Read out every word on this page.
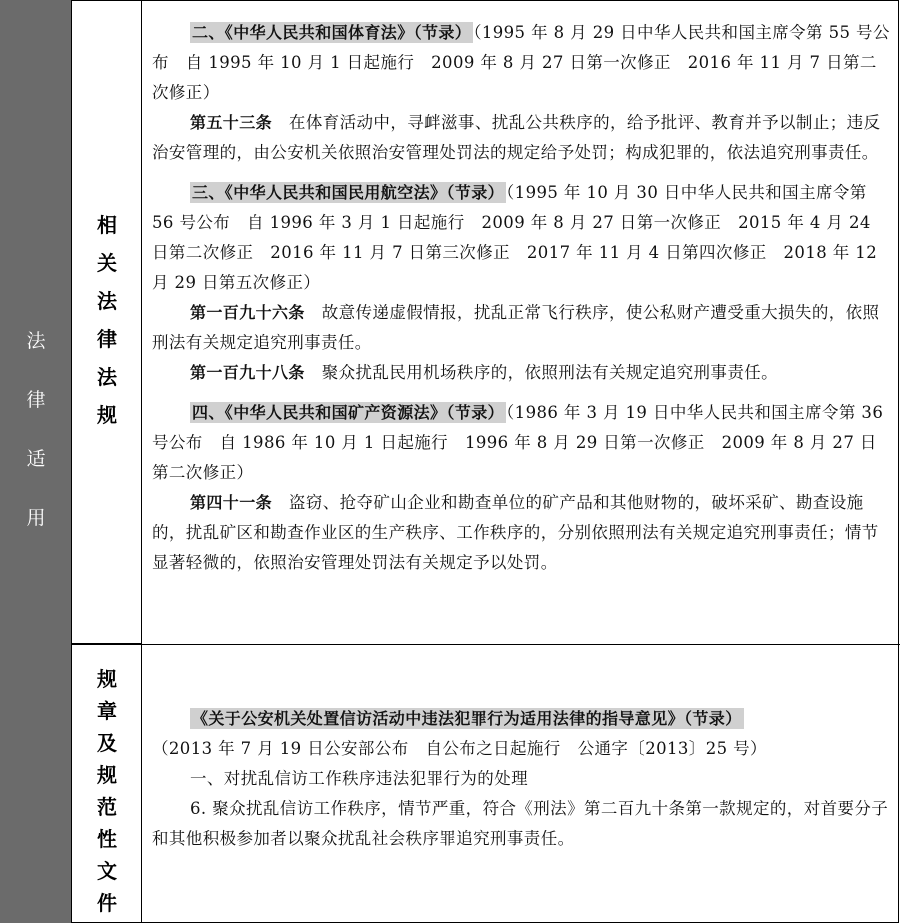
法
律
适
用
相
关
法
律
法
规
规
章
及
规
范
性
文
件

二、《中华人民共和国体育法》（节录） （1995 年 8 月 29 日中华人民共和国主席令第 55 号公布　自 1995 年 10 月 1 日起施行　2009 年 8 月 27 日第一次修正　2016 年 11 月 7 日第二次修正）

第五十三条　 在体育活动中，寻衅滋事、扰乱公共秩序的，给予批评、教育并予以制止；违反治安管理的，由公安机关依照治安管理处罚法的规定给予处罚；构成犯罪的，依法追究刑事责任。

三、《中华人民共和国民用航空法》（节录） （1995 年 10 月 30 日中华人民共和国主席令第 56 号公布　自 1996 年 3 月 1 日起施行　2009 年 8 月 27 日第一次修正　2015 年 4 月 24 日第二次修正　2016 年 11 月 7 日第三次修正　2017 年 11 月 4 日第四次修正　2018 年 12 月 29 日第五次修正）

第一百九十六条　 故意传递虚假情报，扰乱正常飞行秩序，使公私财产遭受重大损失的，依照刑法有关规定追究刑事责任。

第一百九十八条　 聚众扰乱民用机场秩序的，依照刑法有关规定追究刑事责任。

四、《中华人民共和国矿产资源法》（节录） （1986 年 3 月 19 日中华人民共和国主席令第 36 号公布　自 1986 年 10 月 1 日起施行　1996 年 8 月 29 日第一次修正　2009 年 8 月 27 日第二次修正）

第四十一条　 盗窃、抢夺矿山企业和勘查单位的矿产品和其他财物的，破坏采矿、勘查设施的，扰乱矿区和勘查作业区的生产秩序、工作秩序的，分别依照刑法有关规定追究刑事责任；情节显著轻微的，依照治安管理处罚法有关规定予以处罚。

《关于公安机关处置信访活动中违法犯罪行为适用法律的指导意见》（节录）

（2013 年 7 月 19 日公安部公布　自公布之日起施行　公通字〔2013〕25 号）

一、对扰乱信访工作秩序违法犯罪行为的处理

6. 聚众扰乱信访工作秩序，情节严重，符合《刑法》第二百九十条第一款规定的，对首要分子和其他积极参加者以聚众扰乱社会秩序罪追究刑事责任。
